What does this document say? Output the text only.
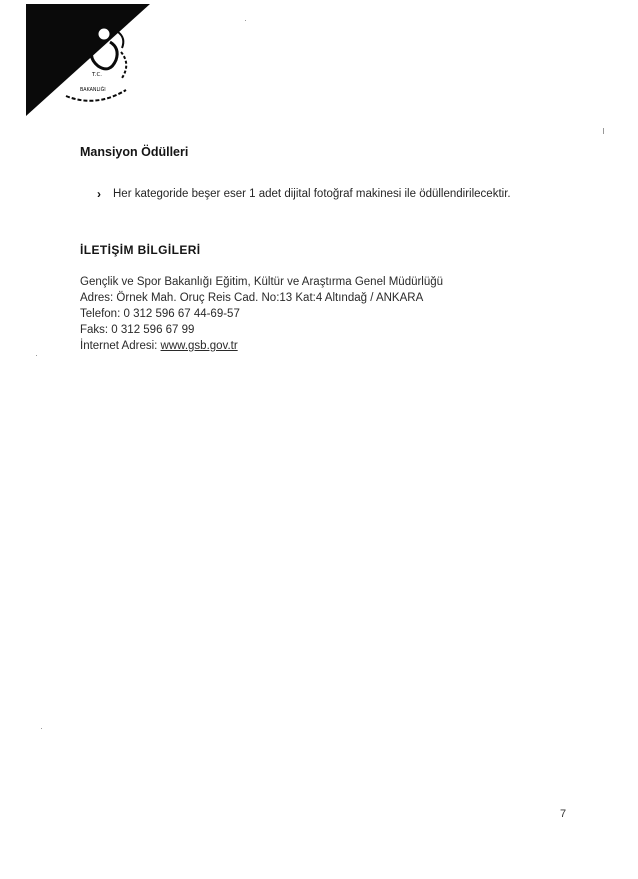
T.C.
GENÇLİK VE SPOR
BAKANLIĞI
Mansiyon Ödülleri
› Her kategoride beşer eser 1 adet dijital fotoğraf makinesi ile ödüllendirilecektir.
İLETİŞİM BİLGİLERİ
Gençlik ve Spor Bakanlığı Eğitim, Kültür ve Araştırma Genel Müdürlüğü
Adres: Örnek Mah. Oruç Reis Cad. No:13 Kat:4 Altındağ / ANKARA
Telefon: 0 312 596 67 44-69-57
Faks: 0 312 596 67 99
İnternet Adresi: www.gsb.gov.tr
7
